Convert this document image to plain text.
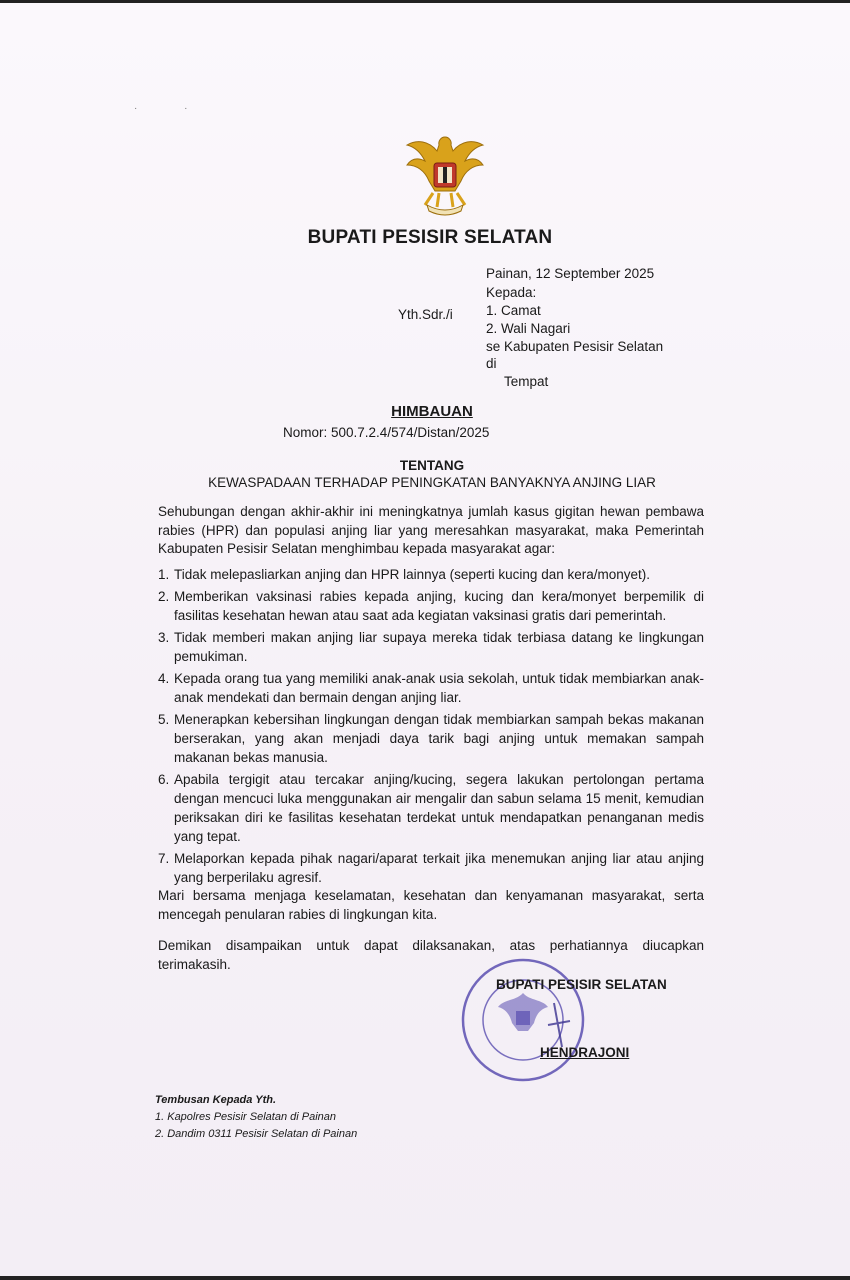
· ·
BUPATI PESISIR SELATAN
Painan, 12 September 2025
Kepada:
Yth.Sdr./i 1. Camat
2. Wali Nagari
se Kabupaten Pesisir Selatan
di
Tempat
HIMBAUAN
Nomor: 500.7.2.4/574/Distan/2025
TENTANG
KEWASPADAAN TERHADAP PENINGKATAN BANYAKNYA ANJING LIAR
Sehubungan dengan akhir-akhir ini meningkatnya jumlah kasus gigitan hewan pembawa rabies (HPR) dan populasi anjing liar yang meresahkan masyarakat, maka Pemerintah Kabupaten Pesisir Selatan menghimbau kepada masyarakat agar:
1. Tidak melepasliarkan anjing dan HPR lainnya (seperti kucing dan kera/monyet).
2. Memberikan vaksinasi rabies kepada anjing, kucing dan kera/monyet berpemilik di fasilitas kesehatan hewan atau saat ada kegiatan vaksinasi gratis dari pemerintah.
3. Tidak memberi makan anjing liar supaya mereka tidak terbiasa datang ke lingkungan pemukiman.
4. Kepada orang tua yang memiliki anak-anak usia sekolah, untuk tidak membiarkan anak-anak mendekati dan bermain dengan anjing liar.
5. Menerapkan kebersihan lingkungan dengan tidak membiarkan sampah bekas makanan berserakan, yang akan menjadi daya tarik bagi anjing untuk memakan sampah makanan bekas manusia.
6. Apabila tergigit atau tercakar anjing/kucing, segera lakukan pertolongan pertama dengan mencuci luka menggunakan air mengalir dan sabun selama 15 menit, kemudian periksakan diri ke fasilitas kesehatan terdekat untuk mendapatkan penanganan medis yang tepat.
7. Melaporkan kepada pihak nagari/aparat terkait jika menemukan anjing liar atau anjing yang berperilaku agresif.
Mari bersama menjaga keselamatan, kesehatan dan kenyamanan masyarakat, serta mencegah penularan rabies di lingkungan kita.
Demikan disampaikan untuk dapat dilaksanakan, atas perhatiannya diucapkan terimakasih.
BUPATI PESISIR SELATAN
HENDRAJONI
Tembusan Kepada Yth.
1. Kapolres Pesisir Selatan di Painan
2. Dandim 0311 Pesisir Selatan di Painan
